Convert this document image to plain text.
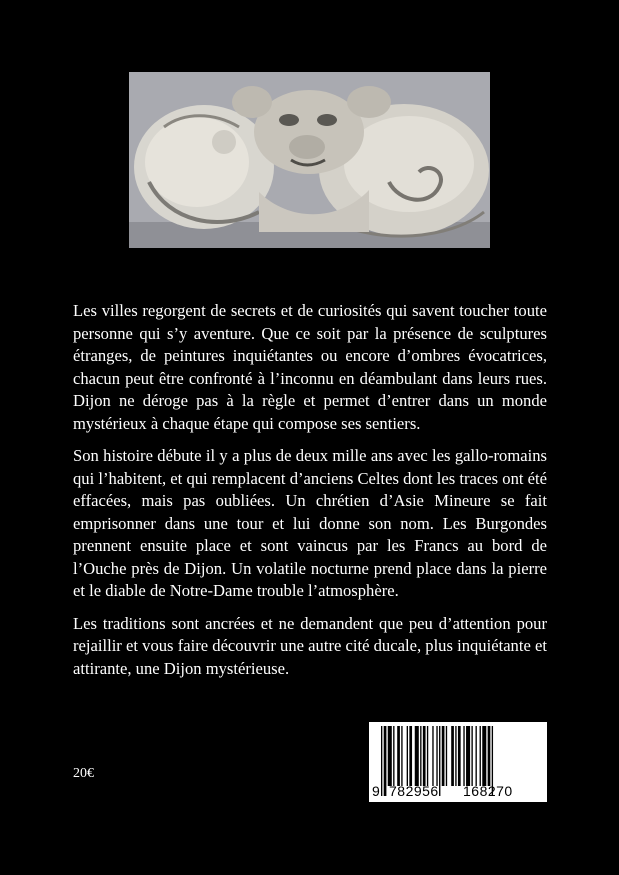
Les villes regorgent de secrets et de curiosités qui savent toucher toute personne qui s’y aventure. Que ce soit par la présence de sculptures étranges, de peintures inquiétantes ou encore d’ombres évocatrices, chacun peut être confronté à l’inconnu en déambulant dans leurs rues. Dijon ne déroge pas à la règle et permet d’entrer dans un monde mystérieux à chaque étape qui compose ses sentiers.

Son histoire débute il y a plus de deux mille ans avec les gallo-romains qui l’habitent, et qui remplacent d’anciens Celtes dont les traces ont été effacées, mais pas oubliées. Un chrétien d’Asie Mineure se fait emprisonner dans une tour et lui donne son nom. Les Burgondes prennent ensuite place et sont vaincus par les Francs au bord de l’Ouche près de Dijon. Un volatile nocturne prend place dans la pierre et le diable de Notre-Dame trouble l’atmosphère.

Les traditions sont ancrées et ne demandent que peu d’attention pour rejaillir et vous faire découvrir une autre cité ducale, plus inquiétante et attirante, une Dijon mystérieuse.

20€
9 782956 168270
